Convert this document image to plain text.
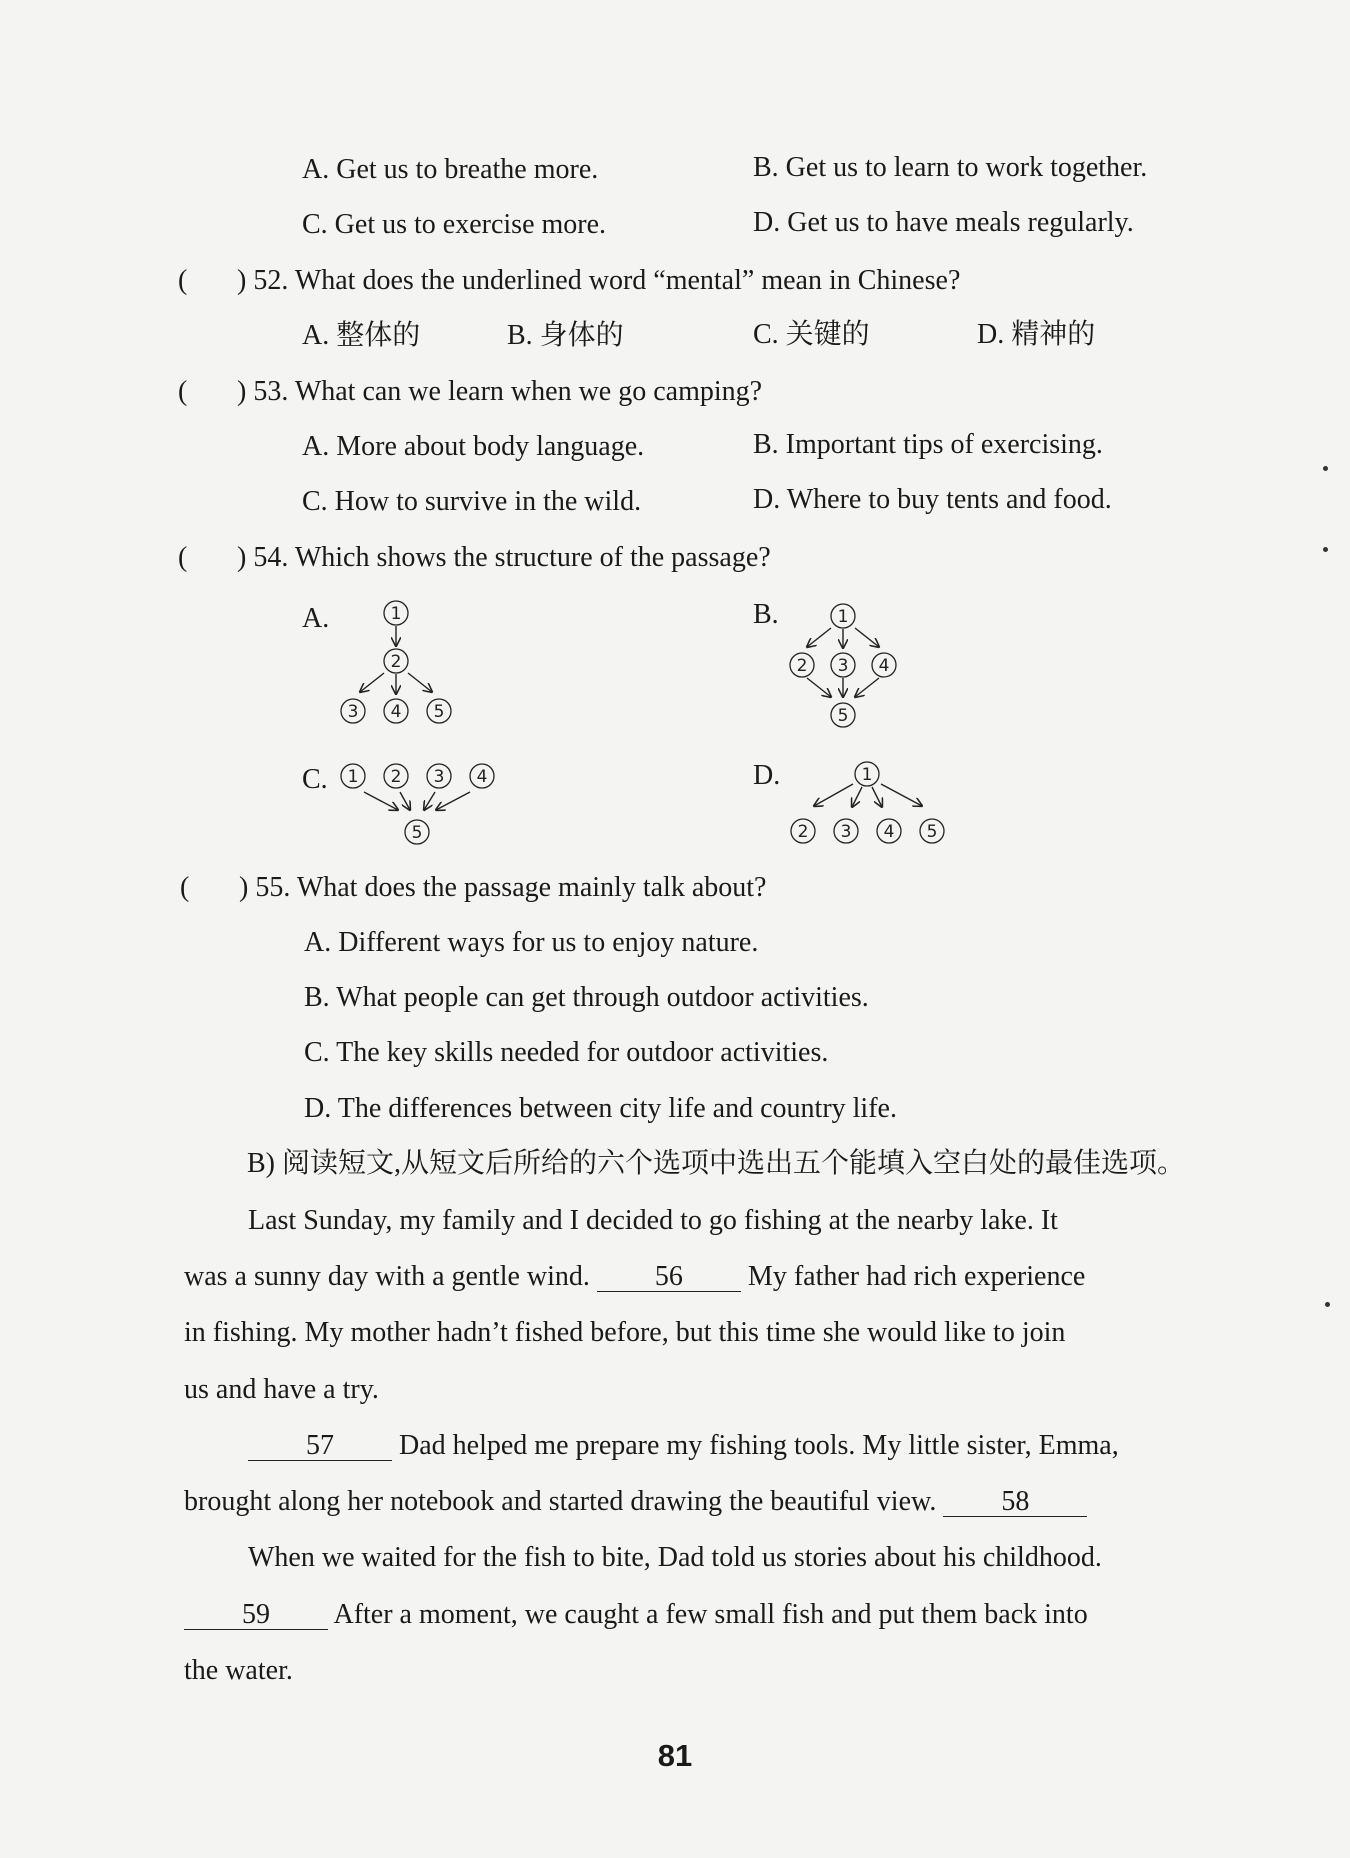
A. Get us to breathe more.	B. Get us to learn to work together.
C. Get us to exercise more.	D. Get us to have meals regularly.
( ) 52. What does the underlined word “mental” mean in Chinese?
A. 整体的	B. 身体的	C. 关键的	D. 精神的
( ) 53. What can we learn when we go camping?
A. More about body language.	B. Important tips of exercising.
C. How to survive in the wild.	D. Where to buy tents and food.
( ) 54. Which shows the structure of the passage?
A.	B.
C.	D.
1
2
3 4 5
1
2 3 4
5
1 2 3 4
5
1
2 3 4 5
( ) 55. What does the passage mainly talk about?
A. Different ways for us to enjoy nature.
B. What people can get through outdoor activities.
C. The key skills needed for outdoor activities.
D. The differences between city life and country life.
B) 阅读短文,从短文后所给的六个选项中选出五个能填入空白处的最佳选项。
Last Sunday, my family and I decided to go fishing at the nearby lake. It
was a sunny day with a gentle wind. 56 My father had rich experience
in fishing. My mother hadn’t fished before, but this time she would like to join
us and have a try.
57 Dad helped me prepare my fishing tools. My little sister, Emma,
brought along her notebook and started drawing the beautiful view. 58
When we waited for the fish to bite, Dad told us stories about his childhood.
59 After a moment, we caught a few small fish and put them back into
the water.
81
